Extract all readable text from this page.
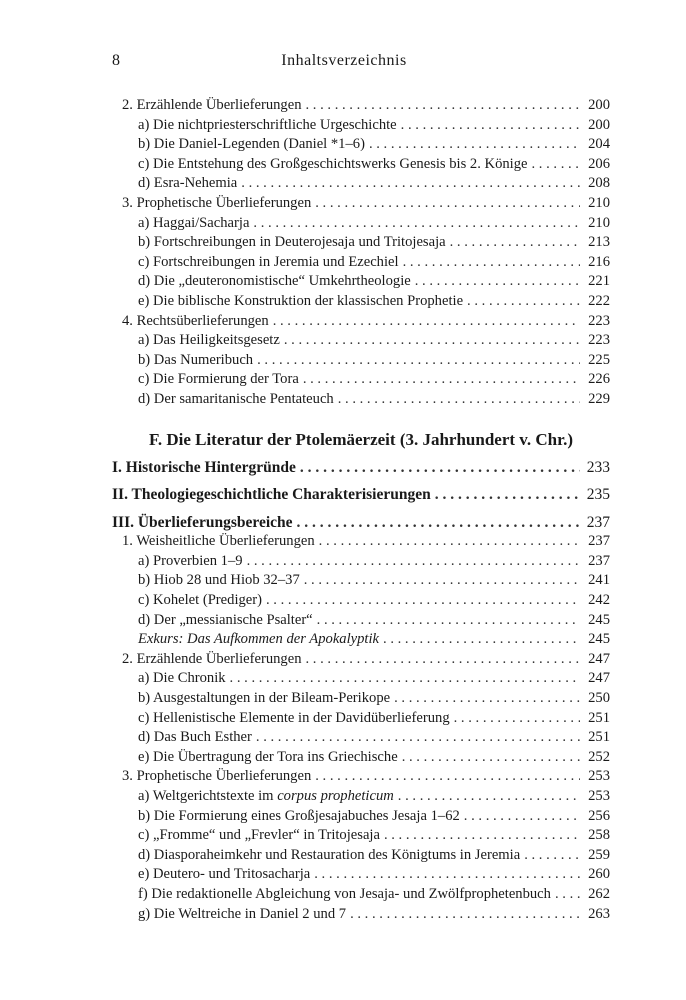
8	Inhaltsverzeichnis
2. Erzählende Überlieferungen . . .	200
a) Die nichtpriesterschriftliche Urgeschichte . . .	200
b) Die Daniel-Legenden (Daniel *1–6) . . .	204
c) Die Entstehung des Großgeschichtswerks Genesis bis 2. Könige . . .	206
d) Esra-Nehemia . . .	208
3. Prophetische Überlieferungen . . .	210
a) Haggai/Sacharja . . .	210
b) Fortschreibungen in Deuterojesaja und Tritojesaja . . .	213
c) Fortschreibungen in Jeremia und Ezechiel . . .	216
d) Die „deuteronomistische“ Umkehrtheologie . . .	221
e) Die biblische Konstruktion der klassischen Prophetie . . .	222
4. Rechtsüberlieferungen . . .	223
a) Das Heiligkeitsgesetz . . .	223
b) Das Numeribuch . . .	225
c) Die Formierung der Tora . . .	226
d) Der samaritanische Pentateuch . . .	229
F. Die Literatur der Ptolemäerzeit (3. Jahrhundert v. Chr.)
I. Historische Hintergründe . . .	233
II. Theologiegeschichtliche Charakterisierungen . . .	235
III. Überlieferungsbereiche . . .	237
1. Weisheitliche Überlieferungen . . .	237
a) Proverbien 1–9 . . .	237
b) Hiob 28 und Hiob 32–37 . . .	241
c) Kohelet (Prediger) . . .	242
d) Der „messianische Psalter“ . . .	245
Exkurs: Das Aufkommen der Apokalyptik . . .	245
2. Erzählende Überlieferungen . . .	247
a) Die Chronik . . .	247
b) Ausgestaltungen in der Bileam-Perikope . . .	250
c) Hellenistische Elemente in der Davidüberlieferung . . .	251
d) Das Buch Esther . . .	251
e) Die Übertragung der Tora ins Griechische . . .	252
3. Prophetische Überlieferungen . . .	253
a) Weltgerichtstexte im corpus propheticum . . .	253
b) Die Formierung eines Großjesajabuches Jesaja 1–62 . . .	256
c) „Fromme“ und „Frevler“ in Tritojesaja . . .	258
d) Diasporaheimkehr und Restauration des Königtums in Jeremia . . .	259
e) Deutero- und Tritosacharja . . .	260
f) Die redaktionelle Abgleichung von Jesaja- und Zwölfprophetenbuch . . .	262
g) Die Weltreiche in Daniel 2 und 7 . . .	263
